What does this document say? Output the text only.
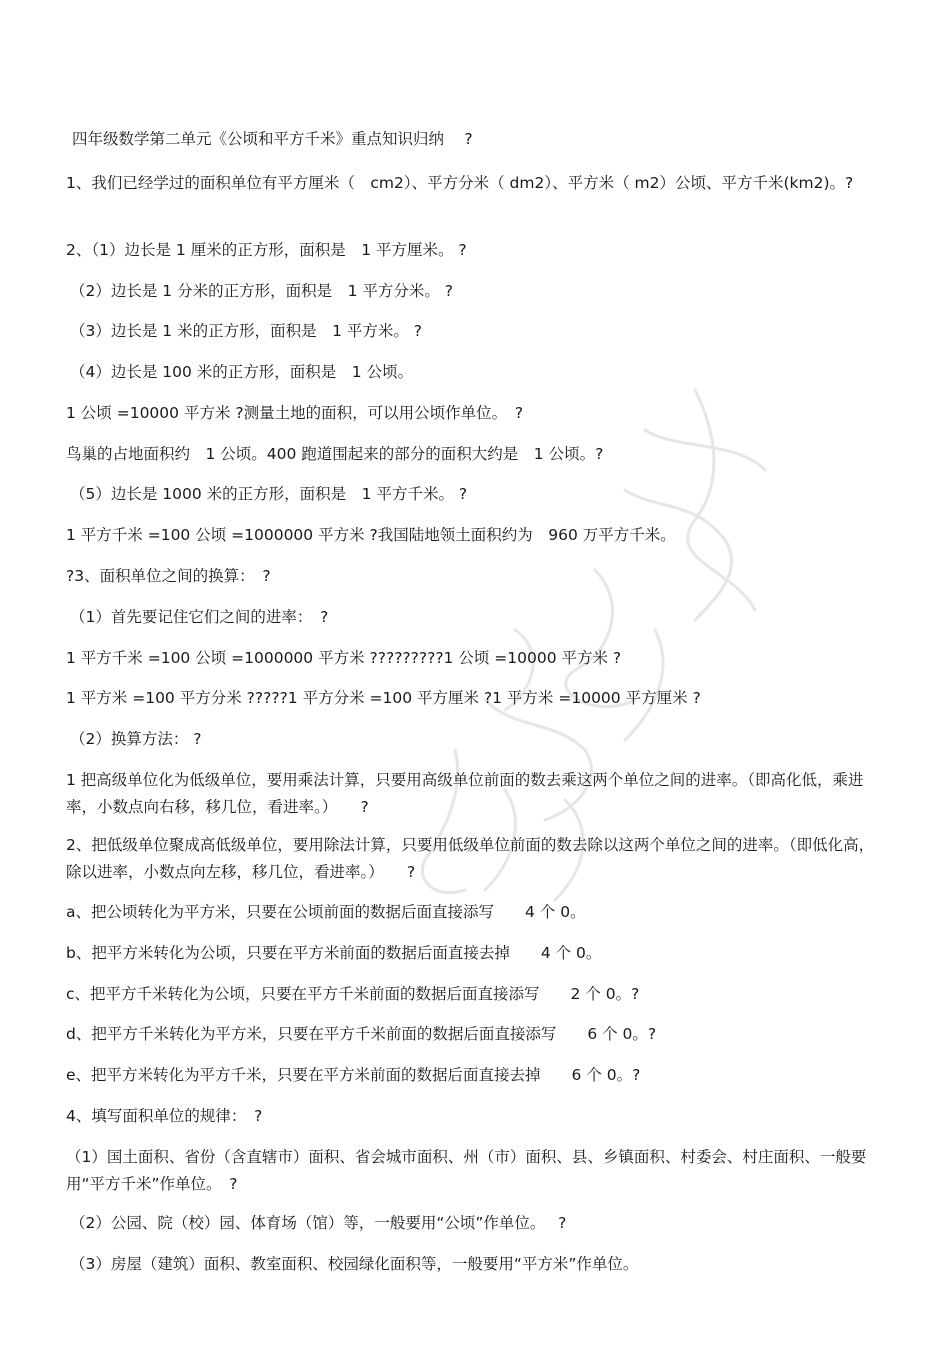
四年级数学第二单元《公顷和平方千米》重点知识归纳　 ?
1、我们已经学过的面积单位有平方厘米（　cm2）、平方分米（ dm2）、平方米（ m2）公顷、平方千米(km2)。?
2、（1）边长是 1 厘米的正方形，面积是　1 平方厘米。 ?
（2）边长是 1 分米的正方形，面积是　1 平方分米。 ?
（3）边长是 1 米的正方形，面积是　1 平方米。 ?
（4）边长是 100 米的正方形，面积是　1 公顷。
1 公顷 =10000 平方米 ?测量土地的面积，可以用公顷作单位。　?
鸟巢的占地面积约　1 公顷。400 跑道围起来的部分的面积大约是　1 公顷。?
（5）边长是 1000 米的正方形，面积是　1 平方千米。 ?
1 平方千米 =100 公顷 =1000000 平方米 ?我国陆地领土面积约为　960 万平方千米。
?3、面积单位之间的换算：　?
（1）首先要记住它们之间的进率：　?
1 平方千米 =100 公顷 =1000000 平方米 ?????????1 公顷 =10000 平方米 ?
1 平方米 =100 平方分米 ?????1 平方分米 =100 平方厘米 ?1 平方米 =10000 平方厘米 ?
（2）换算方法： ?
1 把高级单位化为低级单位，要用乘法计算，只要用高级单位前面的数去乘这两个单位之间的进率。（即高化低，乘进率，小数点向右移，移几位，看进率。）　　?
2、把低级单位聚成高低级单位，要用除法计算，只要用低级单位前面的数去除以这两个单位之间的进率。（即低化高，除以进率，小数点向左移，移几位，看进率。）　　?
a、把公顷转化为平方米，只要在公顷前面的数据后面直接添写　　4 个 0。
b、把平方米转化为公顷，只要在平方米前面的数据后面直接去掉　　4 个 0。
c、把平方千米转化为公顷，只要在平方千米前面的数据后面直接添写　　2 个 0。?
d、把平方千米转化为平方米，只要在平方千米前面的数据后面直接添写　　6 个 0。?
e、把平方米转化为平方千米，只要在平方米前面的数据后面直接去掉　　6 个 0。?
4、填写面积单位的规律：　?
（1）国土面积、省份（含直辖市）面积、省会城市面积、州（市）面积、县、乡镇面积、村委会、村庄面积、一般要用“平方千米”作单位。　?
（2）公园、院（校）园、体育场（馆）等，一般要用“公顷”作单位。　 ?
（3）房屋（建筑）面积、教室面积、校园绿化面积等，一般要用“平方米”作单位。
